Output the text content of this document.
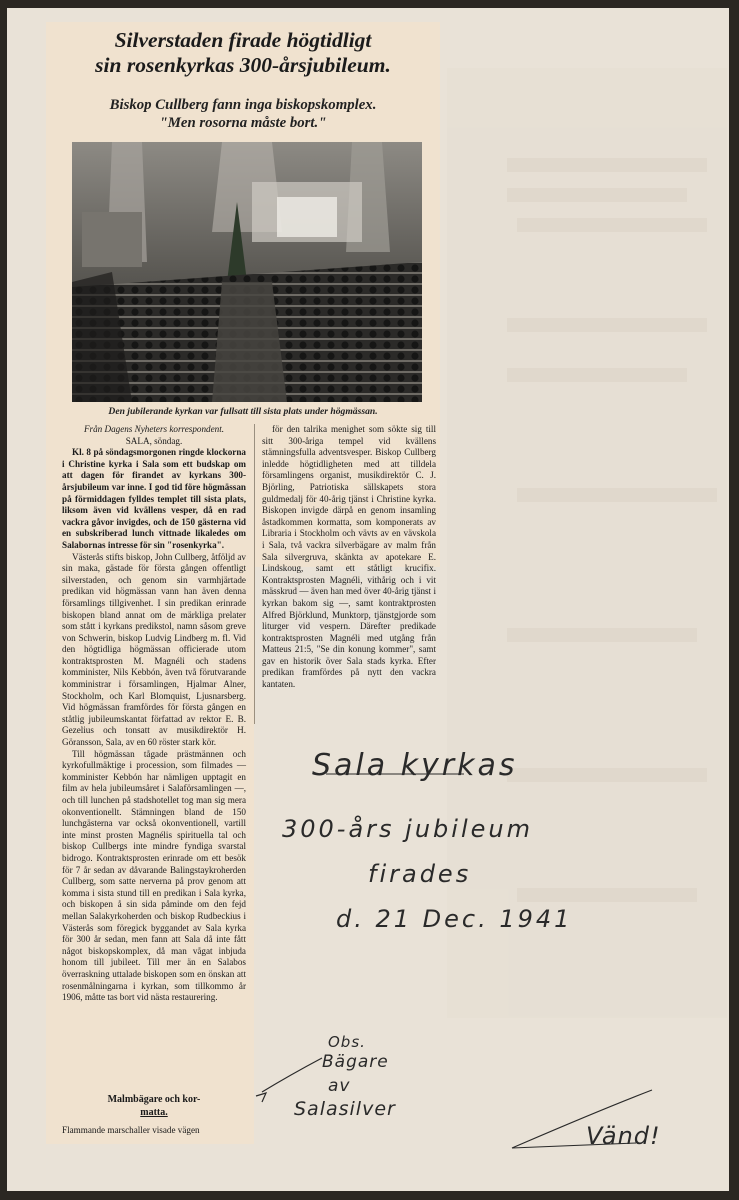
Silverstaden firade högtidligt
sin rosenkyrkas 300-årsjubileum.
Biskop Cullberg fann inga biskopskomplex.
"Men rosorna måste bort."
Den jubilerande kyrkan var fullsatt till sista plats under högmässan.

Från Dagens Nyheters korrespondent.

SALA, söndag.

Kl. 8 på söndagsmorgonen ringde klockorna i Christine kyrka i Sala som ett budskap om att dagen för firandet av kyrkans 300-årsjubileum var inne. I god tid före högmässan på förmiddagen fylldes templet till sista plats, liksom även vid kvällens vesper, då en rad vackra gåvor invigdes, och de 150 gästerna vid en subskriberad lunch vittnade likaledes om Salabornas intresse för sin "rosenkyrka".

Västerås stifts biskop, John Cullberg, åtföljd av sin maka, gästade för första gången offentligt silverstaden, och genom sin varmhjärtade predikan vid högmässan vann han även denna församlings tillgivenhet. I sin predikan erinrade biskopen bland annat om de märkliga prelater som stått i kyrkans predikstol, namn såsom greve von Schwerin, biskop Ludvig Lindberg m. fl. Vid den högtidliga högmässan officierade utom kontraktsprosten M. Magnéli och stadens komminister, Nils Kebbón, även två förutvarande komministrar i församlingen, Hjalmar Alner, Stockholm, och Karl Blomquist, Ljusnarsberg. Vid högmässan framfördes för första gången en ståtlig jubileumskantat författad av rektor E. B. Gezelius och tonsatt av musikdirektör H. Göransson, Sala, av en 60 röster stark kör.

Till högmässan tågade prästmännen och kyrkofullmäktige i procession, som filmades — komminister Kebbón har nämligen upptagit en film av hela jubileumsåret i Salaförsamlingen —, och till lunchen på stadshotellet tog man sig mera okonventionellt. Stämningen bland de 150 lunchgästerna var också okonventionell, vartill inte minst prosten Magnélis spirituella tal och biskop Cullbergs inte mindre fyndiga svarstal bidrogo. Kontraktsprosten erinrade om ett besök för 7 år sedan av dåvarande Balingstaykroherden Cullberg, som satte nerverna på prov genom att komma i sista stund till en predikan i Sala kyrka, och biskopen å sin sida påminde om den fejd mellan Salakyrkoherden och biskop Rudbeckius i Västerås som föregick byggandet av Sala kyrka för 300 år sedan, men fann att Sala då inte fått något biskopskomplex, då man vågat inbjuda honom till jubileet. Till mer än en Salabos överraskning uttalade biskopen som en önskan att rosenmålningarna i kyrkan, som tillkommo år 1906, måtte tas bort vid nästa restaurering.

för den talrika menighet som sökte sig till sitt 300-åriga tempel vid kvällens stämningsfulla adventsvesper. Biskop Cullberg inledde högtidligheten med att tilldela församlingens organist, musikdirektör C. J. Björling, Patriotiska sällskapets stora guldmedalj för 40-årig tjänst i Christine kyrka. Biskopen invigde därpå en genom insamling åstadkommen kormatta, som komponerats av Libraria i Stockholm och vävts av en vävskola i Sala, två vackra silverbägare av malm från Sala silvergruva, skänkta av apotekare E. Lindskoug, samt ett ståtligt krucifix. Kontraktsprosten Magnéli, vithårig och i vit mässkrud — även han med över 40-årig tjänst i kyrkan bakom sig —, samt kontraktprosten Alfred Björklund, Munktorp, tjänstgjorde som liturger vid vespern. Därefter predikade kontraktsprosten Magnéli med utgång från Matteus 21:5, "Se din konung kommer", samt gav en historik över Sala stads kyrka. Efter predikan framfördes på nytt den vackra kantaten.

Malmbägare och kor-
matta.
Flammande marschaller visade vägen
Sala kyrkas
300-års jubileum
firades
d. 21 Dec. 1941
Obs.
Bägare
av
Salasilver
Vänd!
